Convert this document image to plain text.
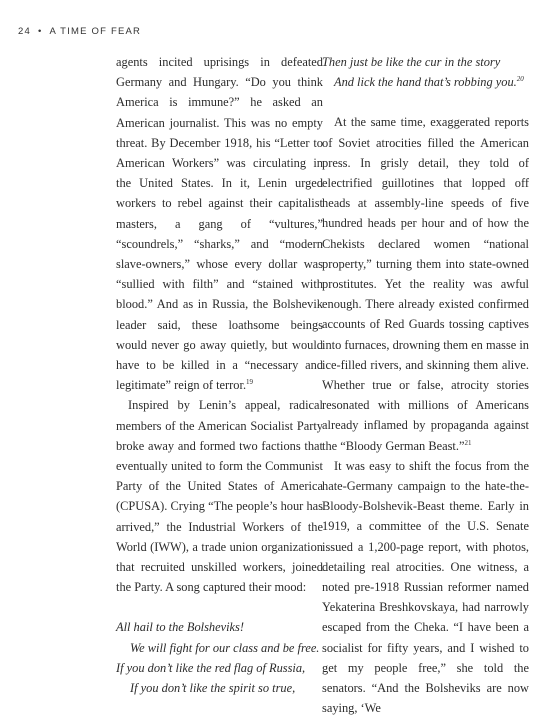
24 • A TIME OF FEAR

agents incited uprisings in defeated Germany and Hungary. “Do you think America is immune?” he asked an American journalist. This was no empty threat. By December 1918, his “Letter to American Workers” was circulating in the United States. In it, Lenin urged workers to rebel against their capitalist masters, a gang of “vultures,” “scoundrels,” “sharks,” and “modern slave-owners,” whose every dollar was “sullied with filth” and “stained with blood.” And as in Russia, the Bolshevik leader said, these loathsome beings would never go away quietly, but would have to be killed in a “necessary and legitimate” reign of terror.$^{19}$

Inspired by Lenin’s appeal, radical members of the American Socialist Party broke away and formed two factions that eventually united to form the Communist Party of the United States of America (CPUSA). Crying “The people’s hour has arrived,” the Industrial Workers of the World (IWW), a trade union organization that recruited unskilled workers, joined the Party. A song captured their mood:

All hail to the Bolsheviks!
We will fight for our class and be free.
If you don’t like the red flag of Russia,
If you don’t like the spirit so true,
Then just be like the cur in the story
And lick the hand that’s robbing you.$^{20}$

At the same time, exaggerated reports of Soviet atrocities filled the American press. In grisly detail, they told of electrified guillotines that lopped off heads at assembly-line speeds of five hundred heads per hour and of how the Chekists declared women “national property,” turning them into state-owned prostitutes. Yet the reality was awful enough. There already existed confirmed accounts of Red Guards tossing captives into furnaces, drowning them en masse in ice-filled rivers, and skinning them alive. Whether true or false, atrocity stories resonated with millions of Americans already inflamed by propaganda against the “Bloody German Beast.”$^{21}$

It was easy to shift the focus from the hate-Germany campaign to the hate-the-Bloody-Bolshevik-Beast theme. Early in 1919, a committee of the U.S. Senate issued a 1,200-page report, with photos, detailing real atrocities. One witness, a noted pre-1918 Russian reformer named Yekaterina Breshkovskaya, had narrowly escaped from the Cheka. “I have been a socialist for fifty years, and I wished to get my people free,” she told the senators. “And the Bolsheviks are now saying, ‘We
